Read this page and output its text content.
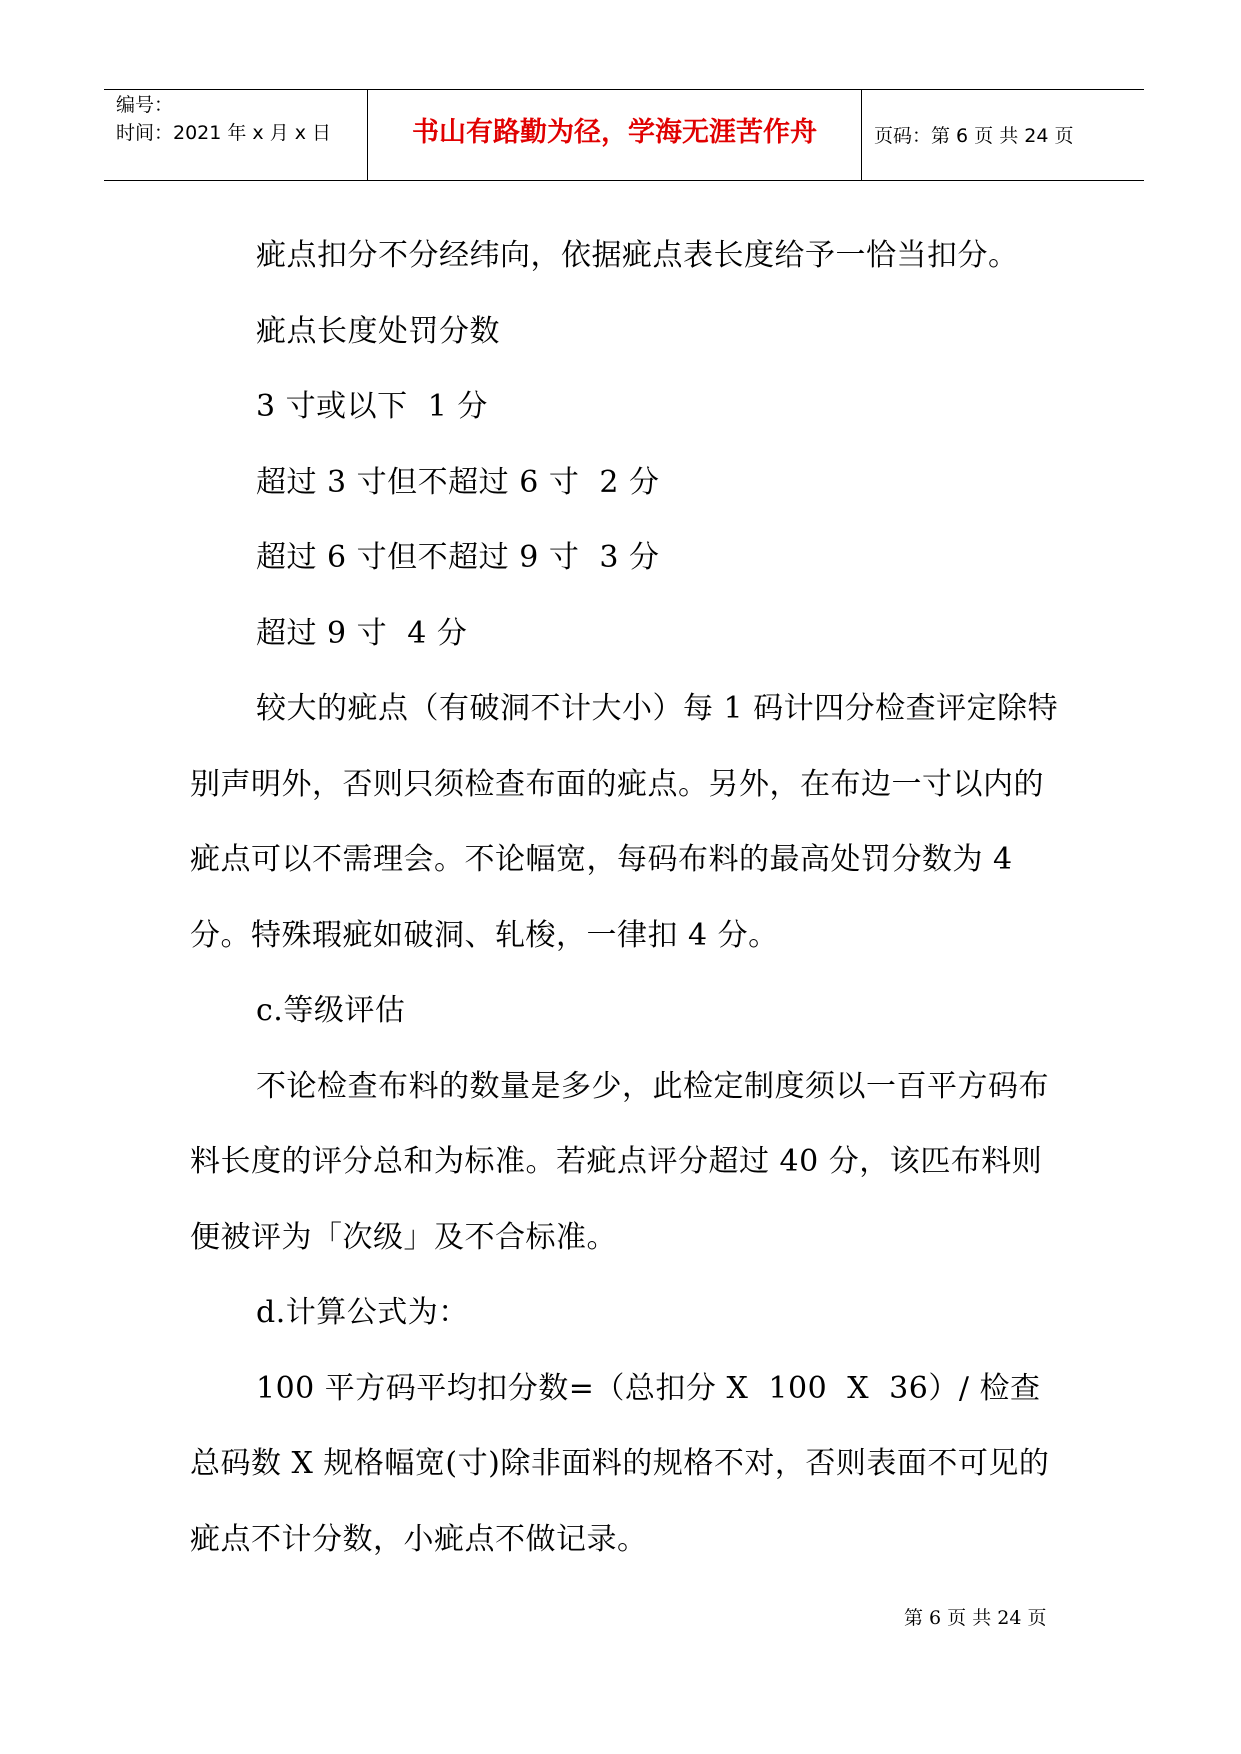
编号：
时间：2021 年 x 月 x 日	书山有路勤为径，学海无涯苦作舟	页码：第 6 页 共 24 页

疵点扣分不分经纬向，依据疵点表长度给予一恰当扣分。

疵点长度处罚分数

3 寸或以下  1 分

超过 3 寸但不超过 6 寸  2 分

超过 6 寸但不超过 9 寸  3 分

超过 9 寸  4 分

较大的疵点（有破洞不计大小）每 1 码计四分检查评定除特别声明外，否则只须检查布面的疵点。另外，在布边一寸以内的疵点可以不需理会。不论幅宽，每码布料的最高处罚分数为 4 分。特殊瑕疵如破洞、轧梭，一律扣 4 分。

c.等级评估

不论检查布料的数量是多少，此检定制度须以一百平方码布料长度的评分总和为标准。若疵点评分超过 40 分，该匹布料则便被评为「次级」及不合标准。

d.计算公式为：

100 平方码平均扣分数=（总扣分 X  100  X  36）/ 检查总码数 X 规格幅宽(寸)除非面料的规格不对，否则表面不可见的疵点不计分数，小疵点不做记录。

第 6 页 共 24 页
